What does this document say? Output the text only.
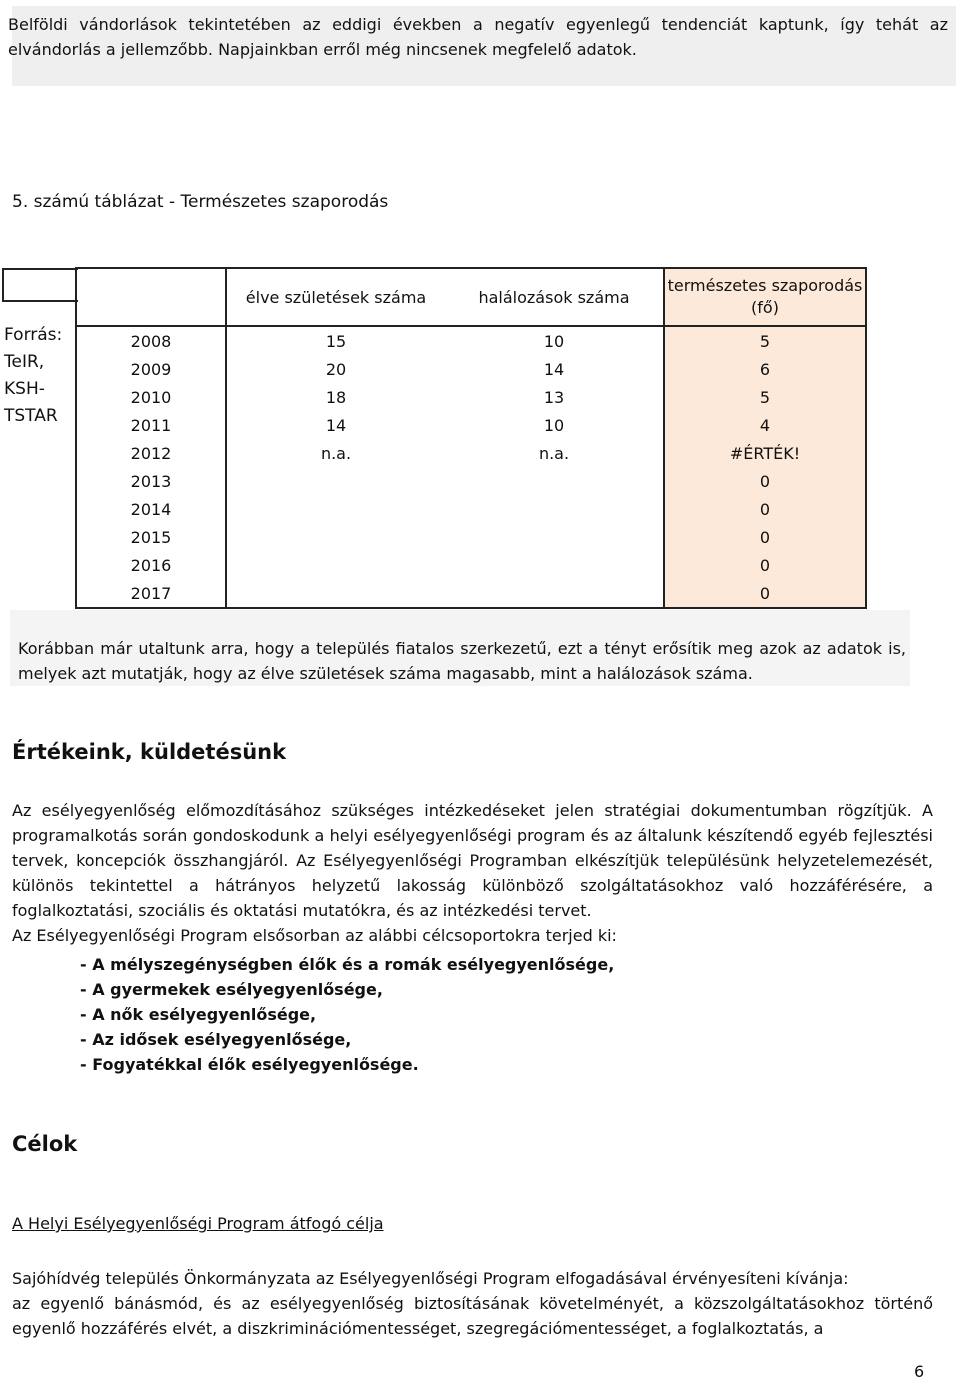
Belföldi vándorlások tekintetében az eddigi években a negatív egyenlegű tendenciát kaptunk, így tehát az elvándorlás a jellemzőbb. Napjainkban erről még nincsenek megfelelő adatok.
5. számú táblázat - Természetes szaporodás
Forrás:
TeIR,
KSH-
TSTAR
	élve születések száma	halálozások száma	természetes szaporodás (fő)
2008	15	10	5
2009	20	14	6
2010	18	13	5
2011	14	10	4
2012	n.a.	n.a.	#ÉRTÉK!
2013			0
2014			0
2015			0
2016			0
2017			0
Korábban már utaltunk arra, hogy a település fiatalos szerkezetű, ezt a tényt erősítik meg azok az adatok is, melyek azt mutatják, hogy az élve születések száma magasabb, mint a halálozások száma.
Értékeink, küldetésünk
Az esélyegyenlőség előmozdításához szükséges intézkedéseket jelen stratégiai dokumentumban rögzítjük. A programalkotás során gondoskodunk a helyi esélyegyenlőségi program és az általunk készítendő egyéb fejlesztési tervek, koncepciók összhangjáról. Az Esélyegyenlőségi Programban elkészítjük településünk helyzetelemezését, különös tekintettel a hátrányos helyzetű lakosság különböző szolgáltatásokhoz való hozzáférésére, a foglalkoztatási, szociális és oktatási mutatókra, és az intézkedési tervet.
Az Esélyegyenlőségi Program elsősorban az alábbi célcsoportokra terjed ki:
- A mélyszegénységben élők és a romák esélyegyenlősége,
- A gyermekek esélyegyenlősége,
- A nők esélyegyenlősége,
- Az idősek esélyegyenlősége,
- Fogyatékkal élők esélyegyenlősége.
Célok
A Helyi Esélyegyenlőségi Program átfogó célja
Sajóhídvég település Önkormányzata az Esélyegyenlőségi Program elfogadásával érvényesíteni kívánja:
az egyenlő bánásmód, és az esélyegyenlőség biztosításának követelményét, a közszolgáltatásokhoz történő egyenlő hozzáférés elvét, a diszkriminációmentességet, szegregációmentességet, a foglalkoztatás, a
6
